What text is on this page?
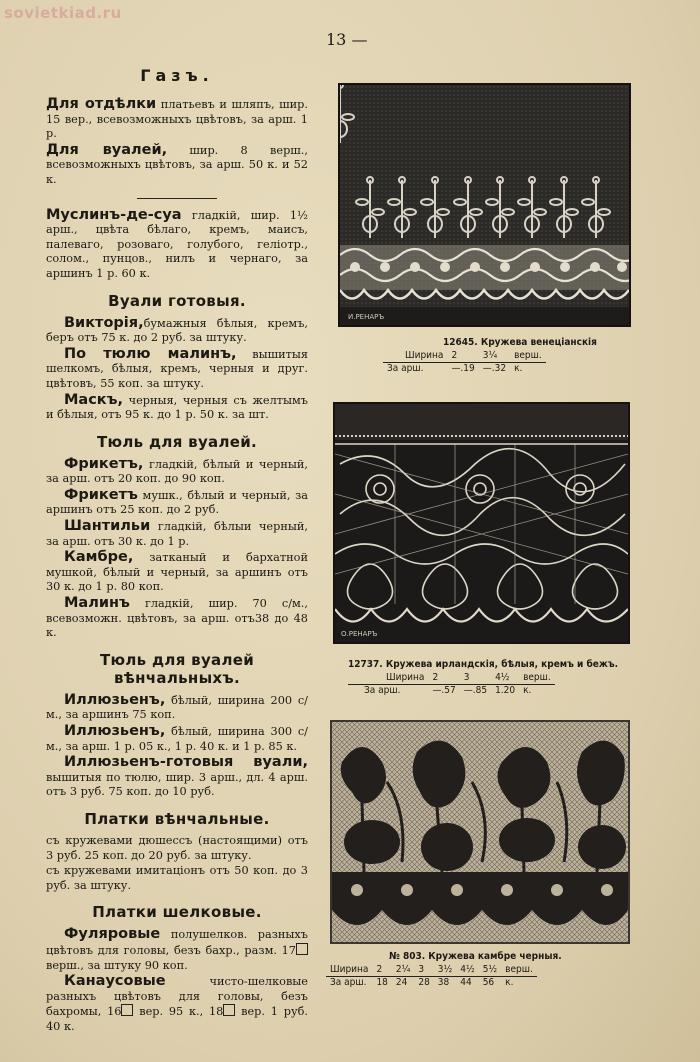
sovietkiad.ru
13 —
Газъ.

Для отдѣлки платьевъ и шляпъ, шир. 15 вер., всевозможныхъ цвѣтовъ, за арш. 1 р.

Для вуалей, шир. 8 верш., всевозможныхъ цвѣтовъ, за арш. 50 к. и 52 к.

Муслинъ-де-суа гладкій, шир. 1½ арш., цвѣта бѣлаго, кремъ, маисъ, палеваго, розоваго, голубого, геліотр., солом., пунцов., нилъ и чернаго, за аршинъ 1 р. 60 к.

Вуали готовыя.

Викторія,бумажныя бѣлыя, кремъ, беръ отъ 75 к. до 2 руб. за штуку.

По тюлю малинъ, вышитыя шелкомъ, бѣлыя, кремъ, черныя и друг. цвѣтовъ, 55 коп. за штуку.

Маскъ, черныя, черныя съ желтымъ и бѣлыя, отъ 95 к. до 1 р. 50 к. за шт.

Тюль для вуалей.

Фрикетъ, гладкій, бѣлый и черный, за арш. отъ 20 коп. до 90 коп.

Фрикетъ мушк., бѣлый и черный, за аршинъ отъ 25 коп. до 2 руб.

Шантильи гладкій, бѣлыи черный, за арш. отъ 30 к. до 1 р.

Камбре, затканый и бархатной мушкой, бѣлый и черный, за аршинъ отъ 30 к. до 1 р. 80 коп.

Малинъ гладкій, шир. 70 с/м., всевозможн. цвѣтовъ, за арш. отъ38 до 48 к.

Тюль для вуалей вѣнчальныхъ.

Иллюзьенъ, бѣлый, ширина 200 с/м., за аршинъ 75 коп.

Иллюзьенъ, бѣлый, ширина 300 с/м., за арш. 1 р. 05 к., 1 р. 40 к. и 1 р. 85 к.

Иллюзьенъ-готовыя вуали, вышитыя по тюлю, шир. 3 арш., дл. 4 арш. отъ 3 руб. 75 коп. до 10 руб.

Платки вѣнчальные.

съ кружевами дюшессъ (настоящими) отъ 3 руб. 25 коп. до 20 руб. за штуку.

съ кружевами имитаціонъ отъ 50 коп. до 3 руб. за штуку.

Платки шелковые.

Фуляровые полушелков. разныхъ цвѣтовъ для головы, безъ бахр., разм. 17 верш., за штуку 90 коп.

Канаусовые чисто-шелковые разныхъ цвѣтовъ для головы, безъ бахромы, 16 вер. 95 к., 18 вер. 1 руб. 40 к.

И.РЕНАРЪ
12645. Кружева венеціанскія
Ширина	2	3¼	верш.
За арш.	—.19	—.32	к.
О.РЕНАРЪ
12737. Кружева ирландскія, бѣлыя, кремъ и бежъ.
Ширина	2	3	4½	верш.
За арш.	—.57	—.85	1.20	к.
№ 803. Кружева камбре черныя.
Ширина	2	2¼	3	3½	4½	5½	верш.
За арш.	18	24	28	38	44	56	к.
